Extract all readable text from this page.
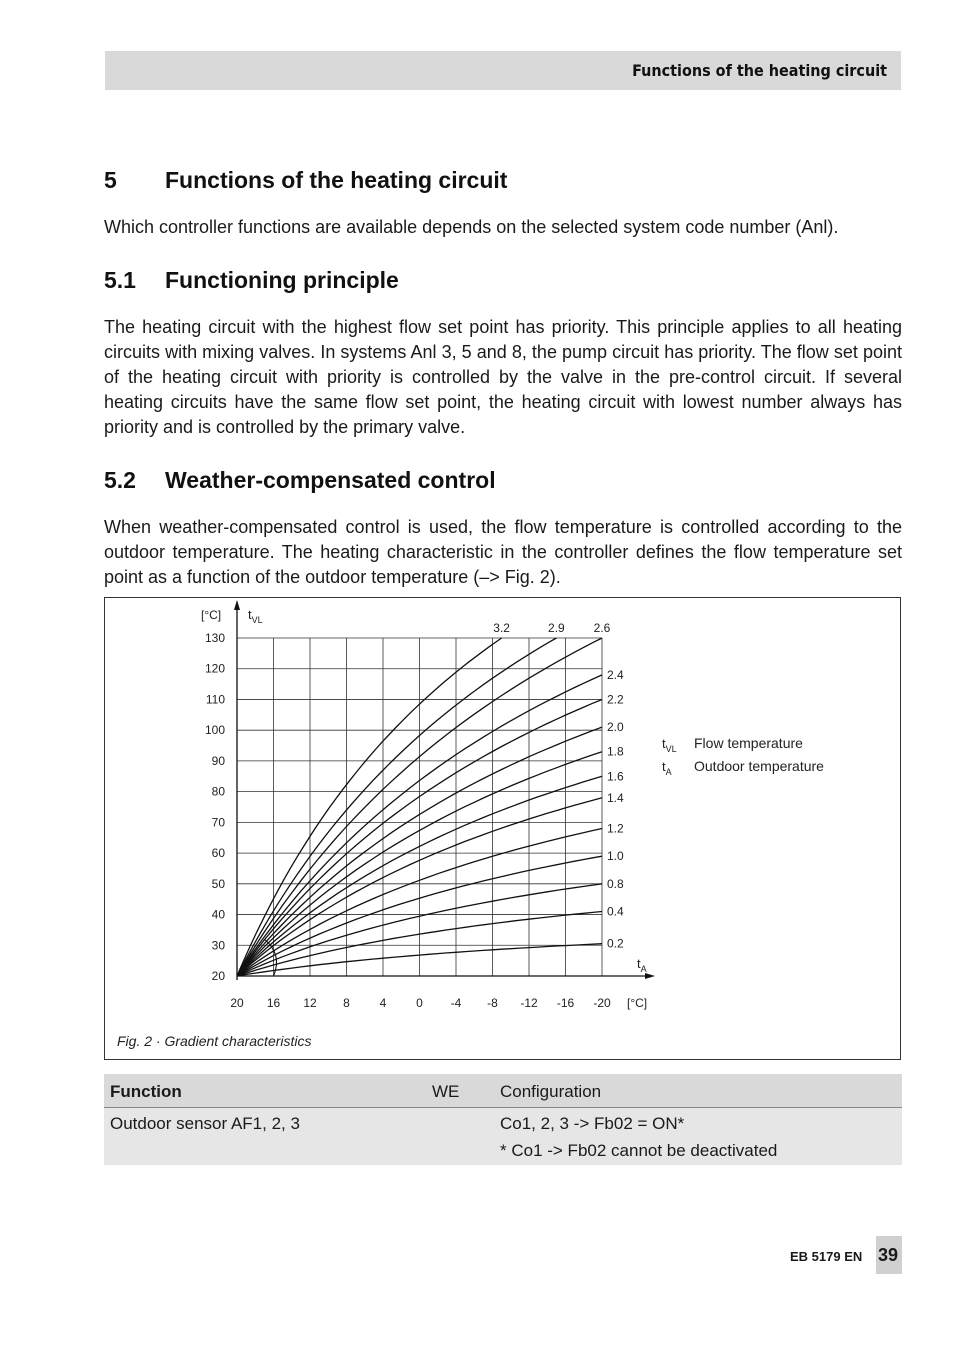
Functions of the heating circuit
5 Functions of the heating circuit
Which controller functions are available depends on the selected system code number (Anl).
5.1 Functioning principle
The heating circuit with the highest flow set point has priority. This principle applies to all heating circuits with mixing valves. In systems Anl 3, 5 and 8, the pump circuit has priority. The flow set point of the heating circuit with priority is controlled by the valve in the pre-control circuit. If several heating circuits have the same flow set point, the heating circuit with lowest number always has priority and is controlled by the primary valve.
5.2 Weather-compensated control
When weather-compensated control is used, the flow temperature is controlled according to the outdoor temperature. The heating characteristic in the controller defines the flow temperature set point as a function of the outdoor temperature (–> Fig. 2).
20 16 12 8 4 0 -4 -8 -12 -16 -20
130
120
110
100
90
80
70
60
50
40
30
20
[°C] $t_{VL}$
$t_A$
[°C]
0.2
0.4
0.8
1.0
1.2
1.4
1.6
1.8
2.0
2.2
2.4
2.6
2.9
3.2
$t_{VL}$ Flow temperature
$t_A$ Outdoor temperature
Fig. 2 · Gradient characteristics
Function	WE Configuration
Outdoor sensor AF1, 2, 3	Co1, 2, 3 -> Fb02 = ON*
* Co1 -> Fb02 cannot be deactivated
EB 5179 EN 39
